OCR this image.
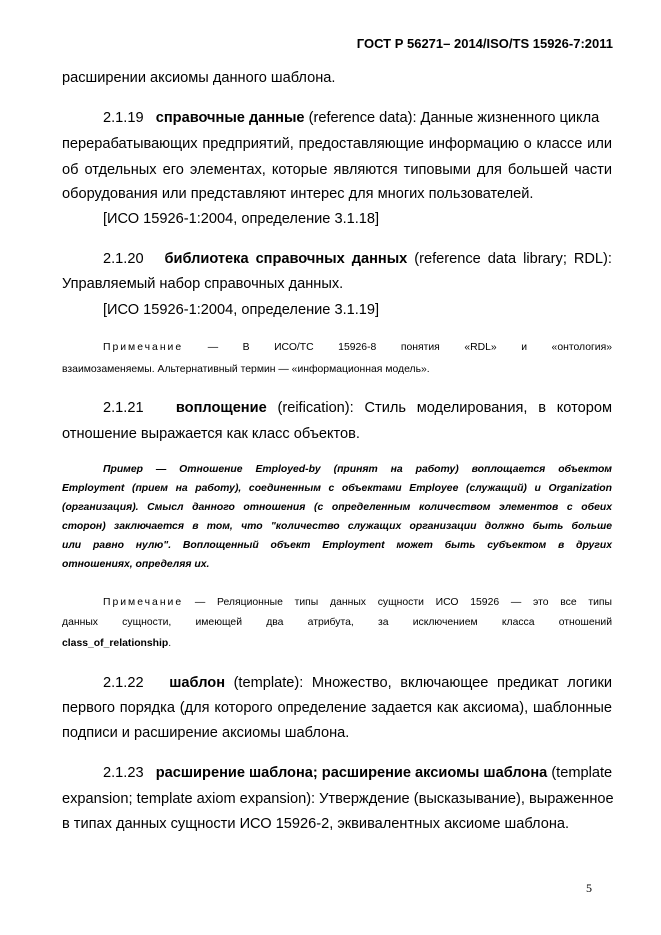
ГОСТ Р 56271– 2014/ISO/TS 15926-7:2011
расширении аксиомы данного шаблона.
2.1.19 справочные данные (reference data): Данные жизненного цикла
перерабатывающих предприятий, предоставляющие информацию о классе или
об отдельных его элементах, которые являются типовыми для большей части
оборудования или представляют интерес для многих пользователей.
[ИСО 15926-1:2004, определение 3.1.18]
2.1.20 библиотека справочных данных (reference data library; RDL):
Управляемый набор справочных данных.
[ИСО 15926-1:2004, определение 3.1.19]
Примечание — В ИСО/ТС 15926-8 понятия «RDL» и «онтология»
взаимозаменяемы. Альтернативный термин — «информационная модель».
2.1.21 воплощение (reification): Стиль моделирования, в котором
отношение выражается как класс объектов.
Пример — Отношение Employed-by (принят на работу) воплощается объектом
Employment (прием на работу), соединенным с объектами Employee (служащий) и Organization
(организация). Смысл данного отношения (с определенным количеством элементов с обеих
сторон) заключается в том, что "количество служащих организации должно быть больше
или равно нулю". Воплощенный объект Employment может быть субъектом в других
отношениях, определяя их.
Примечание — Реляционные типы данных сущности ИСО 15926 — это все типы
данных сущности, имеющей два атрибута, за исключением класса отношений
class_of_relationship.
2.1.22 шаблон (template): Множество, включающее предикат логики
первого порядка (для которого определение задается как аксиома), шаблонные
подписи и расширение аксиомы шаблона.
2.1.23 расширение шаблона; расширение аксиомы шаблона (template
expansion; template axiom expansion): Утверждение (высказывание), выраженное
в типах данных сущности ИСО 15926-2, эквивалентных аксиоме шаблона.
5
